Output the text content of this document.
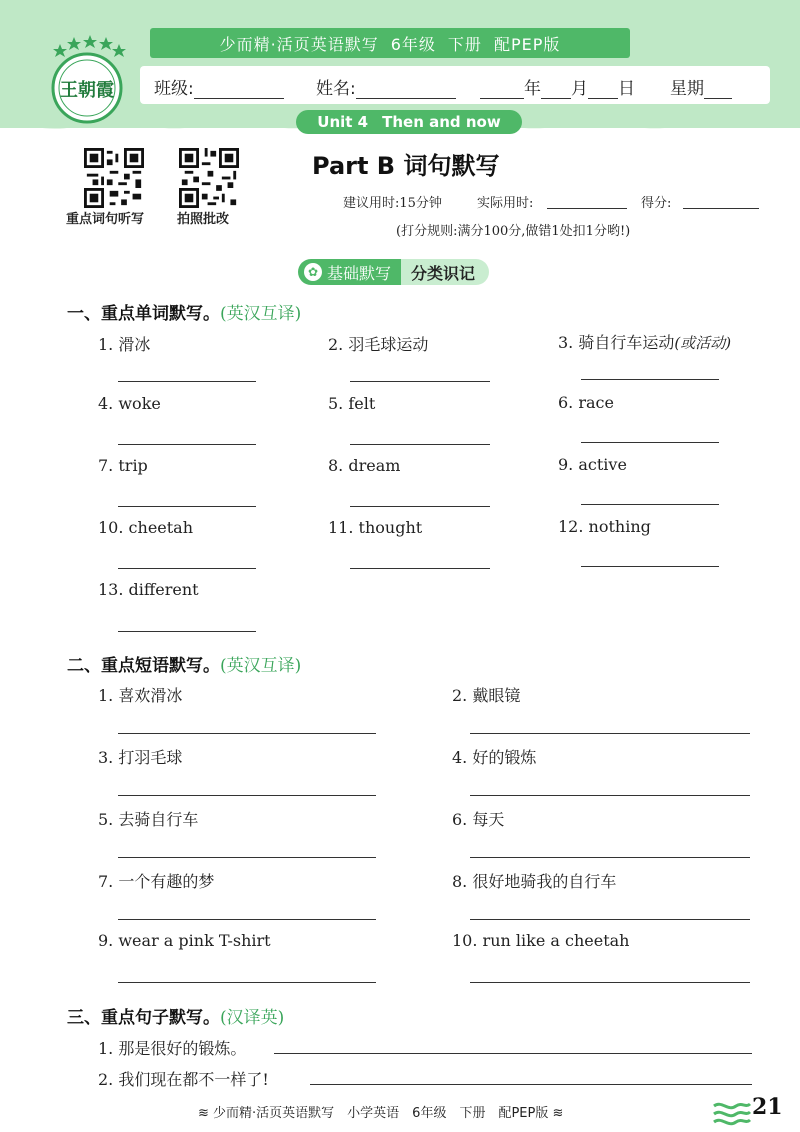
王朝霞
少而精·活页英语默写 6年级 下册 配PEP版
班级:	姓名:	年 月 日 星期
Unit 4 Then and now
重点词句听写	拍照批改
Part B 词句默写
建议用时:15分钟	实际用时:	得分:
(打分规则:满分100分,做错1处扣1分哟!)
✿ 基础默写 分类识记
一、重点单词默写。(英汉互译)
1. 滑冰	2. 羽毛球运动	3. 骑自行车运动(或活动)
4. woke	5. felt	6. race
7. trip	8. dream	9. active
10. cheetah	11. thought	12. nothing
13. different
二、重点短语默写。(英汉互译)
1. 喜欢滑冰	2. 戴眼镜
3. 打羽毛球	4. 好的锻炼
5. 去骑自行车	6. 每天
7. 一个有趣的梦	8. 很好地骑我的自行车
9. wear a pink T-shirt	10. run like a cheetah
三、重点句子默写。(汉译英)
1. 那是很好的锻炼。
2. 我们现在都不一样了!
≋ 少而精·活页英语默写　小学英语　6年级　下册　配PEP版 ≋	21
